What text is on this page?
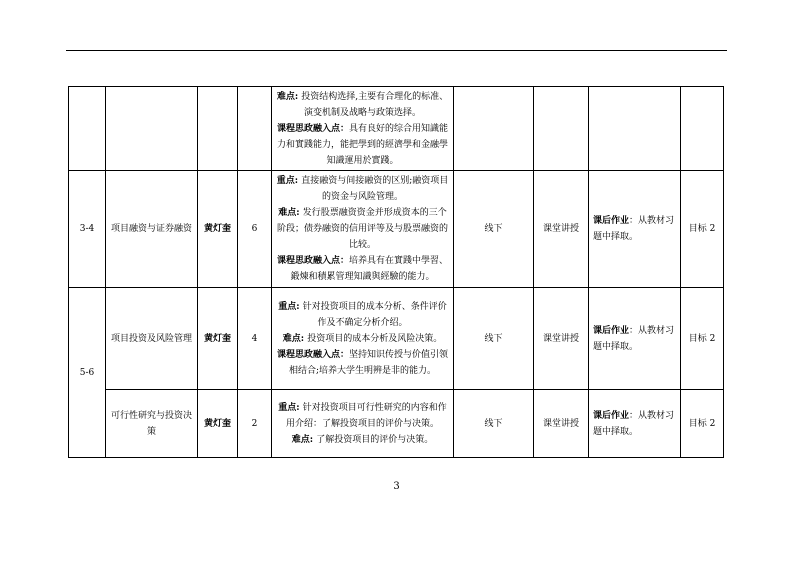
				难点: 投资结构选择,主要有合理化的标准、演变机制及战略与政策选择。
课程思政融入点：具有良好的综合用知識能力和實踐能力，能把學到的經濟學和金融學知識運用於實踐。				

3-4	项目融资与证券融资	黄灯奎	6	重点: 直接融资与间接融资的区别;融资项目的资金与风险管理。
难点: 发行股票融资资金并形成资本的三个阶段；债券融资的信用评等及与股票融资的比较。
课程思政融入点：培养具有在實踐中學習、鍛煉和積累管理知識與經驗的能力。	线下	课堂讲授	课后作业：从教材习题中择取。	目标 2
5-6	项目投资及风险管理	黄灯奎	4	重点: 针对投资项目的成本分析、条件评价作及不确定分析介绍。
难点: 投资项目的成本分析及风险决策。
课程思政融入点：坚持知识传授与价值引领相结合;培养大学生明辨是非的能力。	线下	课堂讲授	课后作业：从教材习题中择取。	目标 2
	可行性研究与投资决策	黄灯奎	2	重点: 针对投资项目可行性研究的内容和作用介绍：了解投资项目的评价与决策。
难点: 了解投资项目的评价与决策。	线下	课堂讲授	课后作业：从教材习题中择取。	目标 2
3
